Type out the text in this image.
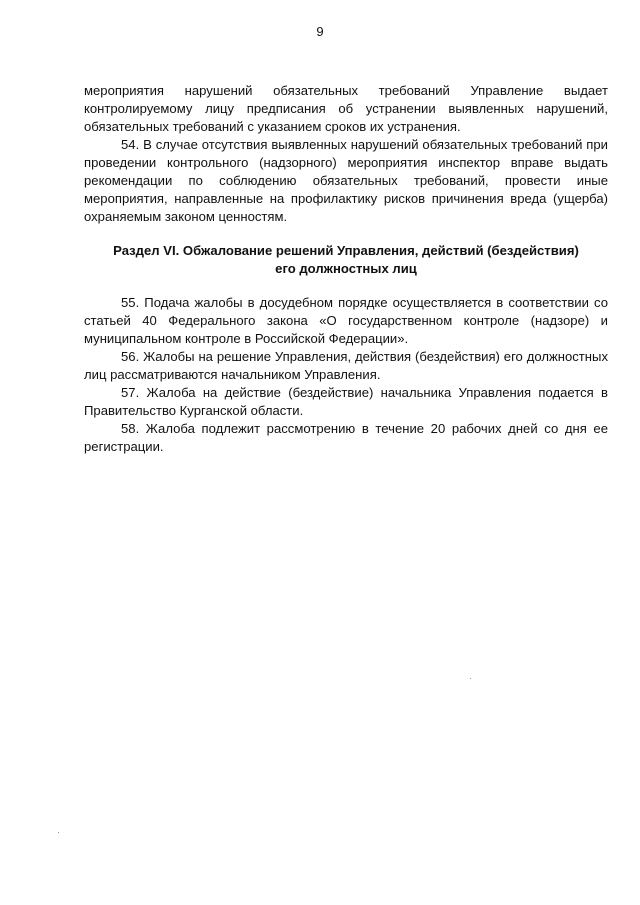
9

мероприятия нарушений обязательных требований Управление выдает контролируемому лицу предписания об устранении выявленных нарушений, обязательных требований с указанием сроков их устранения.

54. В случае отсутствия выявленных нарушений обязательных требований при проведении контрольного (надзорного) мероприятия инспектор вправе выдать рекомендации по соблюдению обязательных требований, провести иные мероприятия, направленные на профилактику рисков причинения вреда (ущерба) охраняемым законом ценностям.

Раздел VI. Обжалование решений Управления, действий (бездействия) его должностных лиц

55. Подача жалобы в досудебном порядке осуществляется в соответствии со статьей 40 Федерального закона «О государственном контроле (надзоре) и муниципальном контроле в Российской Федерации».

56. Жалобы на решение Управления, действия (бездействия) его должностных лиц рассматриваются начальником Управления.

57. Жалоба на действие (бездействие) начальника Управления подается в Правительство Курганской области.

58. Жалоба подлежит рассмотрению в течение 20 рабочих дней со дня ее регистрации.
